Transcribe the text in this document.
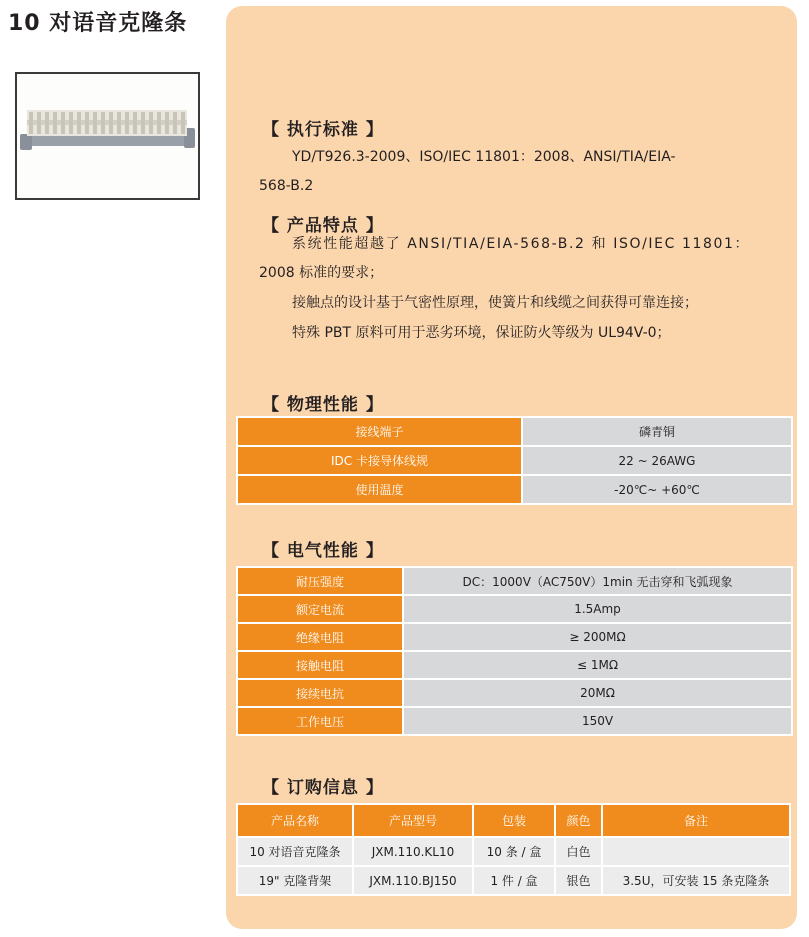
10 对语音克隆条
【 执行标准 】
YD/T926.3-2009、ISO/IEC 11801：2008、ANSI/TIA/EIA-
568-B.2
【 产品特点 】
系统性能超越了 ANSI/TIA/EIA-568-B.2 和 ISO/IEC 11801：
2008 标准的要求；
接触点的设计基于气密性原理，使簧片和线缆之间获得可靠连接；
特殊 PBT 原料可用于恶劣环境，保证防火等级为 UL94V-0；
【 物理性能 】
接线端子	磷青铜
IDC 卡接导体线规	22 ~ 26AWG
使用温度	-20℃~ +60℃
【 电气性能 】
耐压强度	DC：1000V（AC750V）1min 无击穿和飞弧现象
额定电流	1.5Amp
绝缘电阻	≥ 200MΩ
接触电阻	≤ 1MΩ
接续电抗	20MΩ
工作电压	150V
【 订购信息 】
产品名称	产品型号	包装	颜色	备注
10 对语音克隆条	JXM.110.KL10	10 条 / 盒	白色	
19" 克隆背架	JXM.110.BJ150	1 件 / 盒	银色	3.5U，可安装 15 条克隆条
